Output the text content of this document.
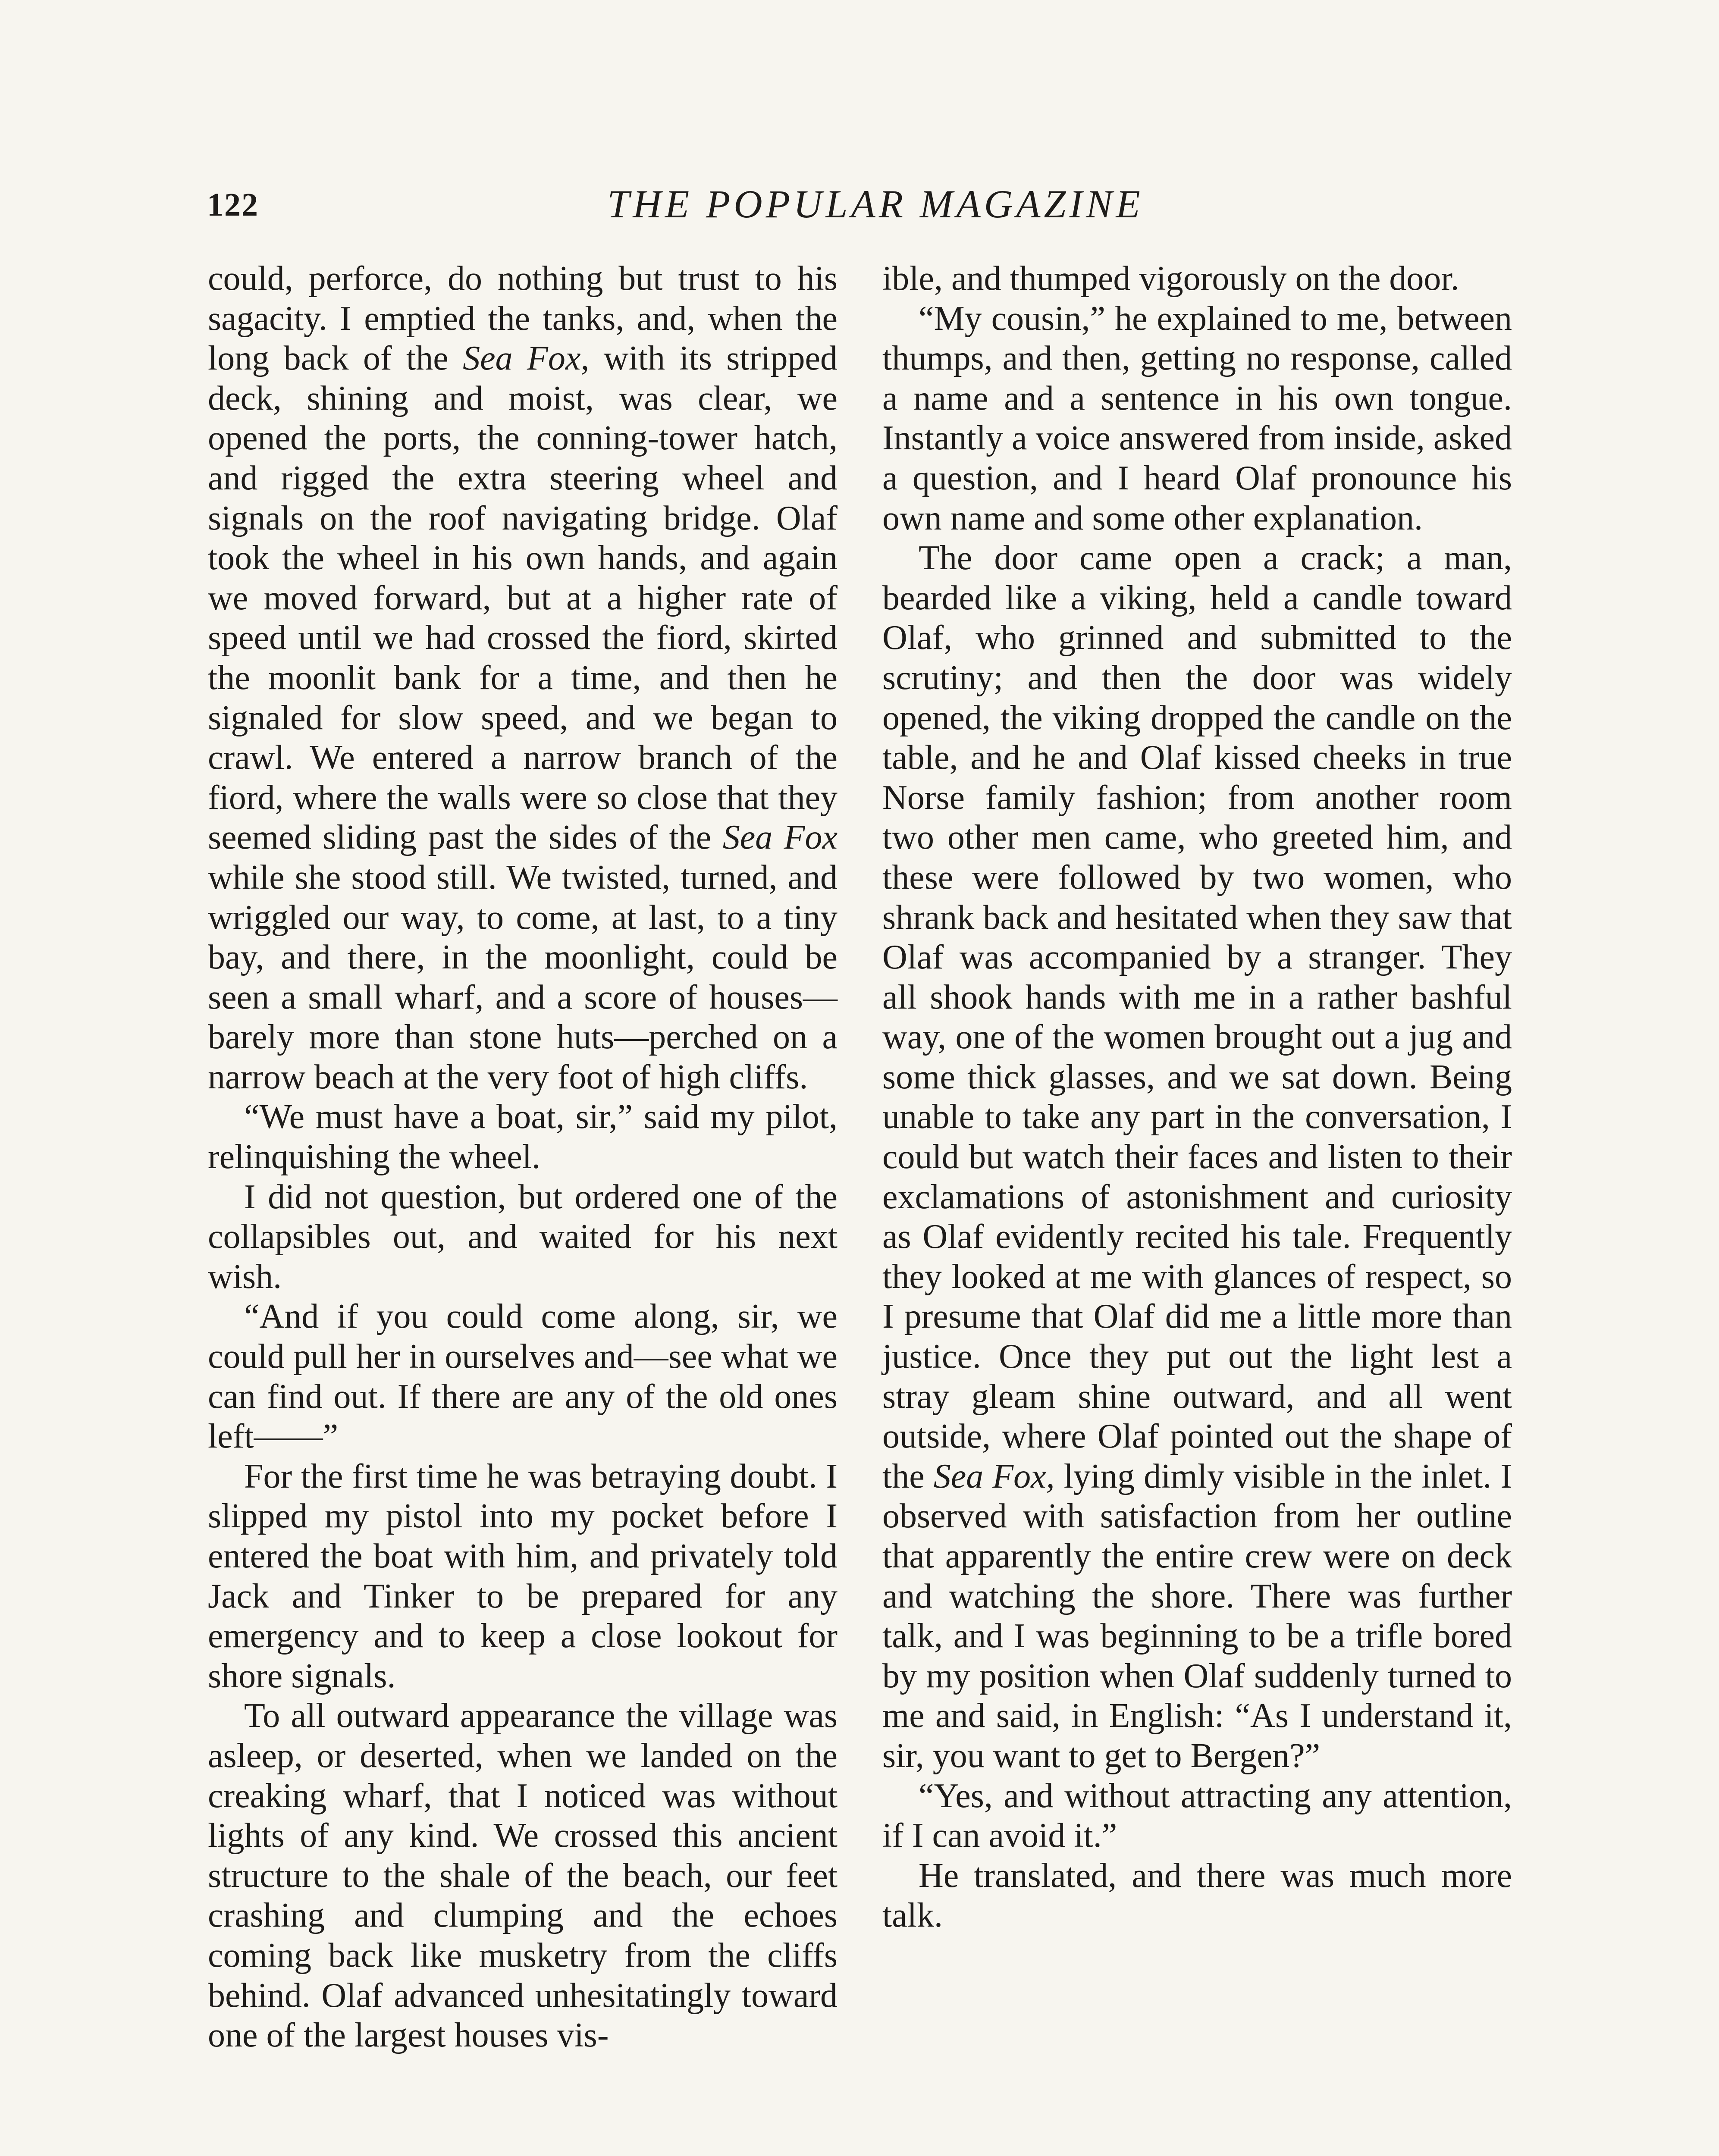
122	THE POPULAR MAGAZINE

could, perforce, do nothing but trust to his sagacity. I emptied the tanks, and, when the long back of the Sea Fox, with its stripped deck, shining and moist, was clear, we opened the ports, the conning-tower hatch, and rigged the extra steering wheel and signals on the roof navigating bridge. Olaf took the wheel in his own hands, and again we moved forward, but at a higher rate of speed until we had crossed the fiord, skirted the moonlit bank for a time, and then he signaled for slow speed, and we began to crawl. We entered a narrow branch of the fiord, where the walls were so close that they seemed sliding past the sides of the Sea Fox while she stood still. We twisted, turned, and wriggled our way, to come, at last, to a tiny bay, and there, in the moonlight, could be seen a small wharf, and a score of houses—barely more than stone huts—perched on a narrow beach at the very foot of high cliffs.

“We must have a boat, sir,” said my pilot, relinquishing the wheel.

I did not question, but ordered one of the collapsibles out, and waited for his next wish.

“And if you could come along, sir, we could pull her in ourselves and—see what we can find out. If there are any of the old ones left——”

For the first time he was betraying doubt. I slipped my pistol into my pocket before I entered the boat with him, and privately told Jack and Tinker to be prepared for any emergency and to keep a close lookout for shore signals.

To all outward appearance the village was asleep, or deserted, when we landed on the creaking wharf, that I noticed was without lights of any kind. We crossed this ancient structure to the shale of the beach, our feet crashing and clumping and the echoes coming back like musketry from the cliffs behind. Olaf advanced unhesitatingly toward one of the largest houses vis-

ible, and thumped vigorously on the door.

“My cousin,” he explained to me, between thumps, and then, getting no response, called a name and a sentence in his own tongue. Instantly a voice answered from inside, asked a question, and I heard Olaf pronounce his own name and some other explanation.

The door came open a crack; a man, bearded like a viking, held a candle toward Olaf, who grinned and submitted to the scrutiny; and then the door was widely opened, the viking dropped the candle on the table, and he and Olaf kissed cheeks in true Norse family fashion; from another room two other men came, who greeted him, and these were followed by two women, who shrank back and hesitated when they saw that Olaf was accompanied by a stranger. They all shook hands with me in a rather bashful way, one of the women brought out a jug and some thick glasses, and we sat down. Being unable to take any part in the conversation, I could but watch their faces and listen to their exclamations of astonishment and curiosity as Olaf evidently recited his tale. Frequently they looked at me with glances of respect, so I presume that Olaf did me a little more than justice. Once they put out the light lest a stray gleam shine outward, and all went outside, where Olaf pointed out the shape of the Sea Fox, lying dimly visible in the inlet. I observed with satisfaction from her outline that apparently the entire crew were on deck and watching the shore. There was further talk, and I was beginning to be a trifle bored by my position when Olaf suddenly turned to me and said, in English: “As I understand it, sir, you want to get to Bergen?”

“Yes, and without attracting any attention, if I can avoid it.”

He translated, and there was much more talk.
